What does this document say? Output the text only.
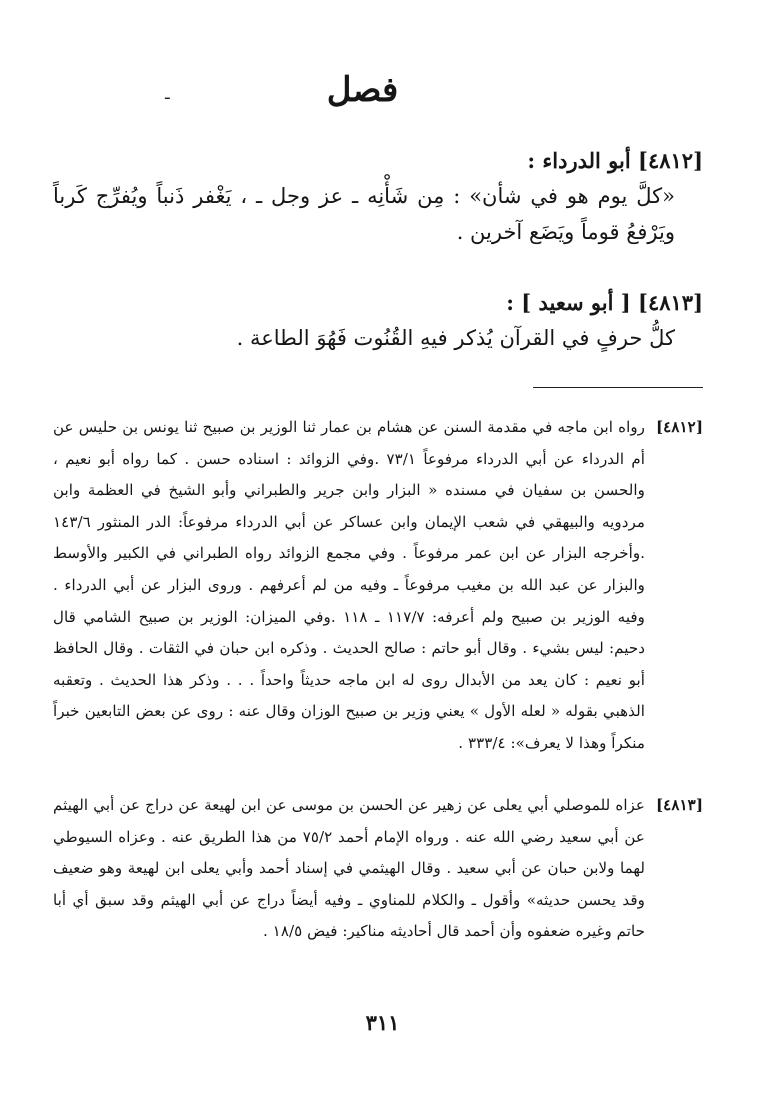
ـ	فصل
[٤٨١٢] أبو الدرداء :
«كلَّ يوم هو في شأن» : مِن شَأْنِه ـ عز وجل ـ ، يَغْفر ذَنباً ويُفرِّج كَرباً ويَرْفعُ قوماً ويَضَع آخرين .
[٤٨١٣] [ أبو سعيد ] :
كلُّ حرفٍ في القرآن يُذكر فيهِ القُنُوت فَهُوَ الطاعة .
[٤٨١٢]
رواه ابن ماجه في مقدمة السنن عن هشام بن عمار ثنا الوزير بن صبيح ثنا يونس بن حليس عن أم الدرداء عن أبي الدرداء مرفوعاً ٧٣/١ .وفي الزوائد : اسناده حسن . كما رواه أبو نعيم ، والحسن بن سفيان في مسنده « البزار وابن جرير والطبراني وأبو الشيخ في العظمة وابن مردويه والبيهقي في شعب الإيمان وابن عساكر عن أبي الدرداء مرفوعاً: الدر المنثور ١٤٣/٦ .وأخرجه البزار عن ابن عمر مرفوعاً . وفي مجمع الزوائد رواه الطبراني في الكبير والأوسط والبزار عن عبد الله بن مغيب مرفوعاً ـ وفيه من لم أعرفهم . وروى البزار عن أبي الدرداء . وفيه الوزير بن صبيح ولم أعرفه: ١١٧/٧ ـ ١١٨ .وفي الميزان: الوزير بن صبيح الشامي قال دحيم: ليس بشيء . وقال أبو حاتم : صالح الحديث . وذكره ابن حبان في الثقات . وقال الحافظ أبو نعيم : كان يعد من الأبدال روى له ابن ماجه حديثاً واحداً . . . وذكر هذا الحديث . وتعقبه الذهبي بقوله « لعله الأول » يعني وزير بن صبيح الوزان وقال عنه : روى عن بعض التابعين خبراً منكراً وهذا لا يعرف»: ٣٣٣/٤ .
[٤٨١٣]
عزاه للموصلي أبي يعلى عن زهير عن الحسن بن موسى عن ابن لهيعة عن دراج عن أبي الهيثم عن أبي سعيد رضي الله عنه . ورواه الإمام أحمد ٧٥/٢ من هذا الطريق عنه . وعزاه السيوطي لهما ولابن حبان عن أبي سعيد . وقال الهيثمي في إسناد أحمد وأبي يعلى ابن لهيعة وهو ضعيف وقد يحسن حديثه» وأقول ـ والكلام للمناوي ـ وفيه أيضاً دراج عن أبي الهيثم وقد سبق أي أبا حاتم وغيره ضعفوه وأن أحمد قال أحاديثه مناكير: فيض ١٨/٥ .
٣١١
